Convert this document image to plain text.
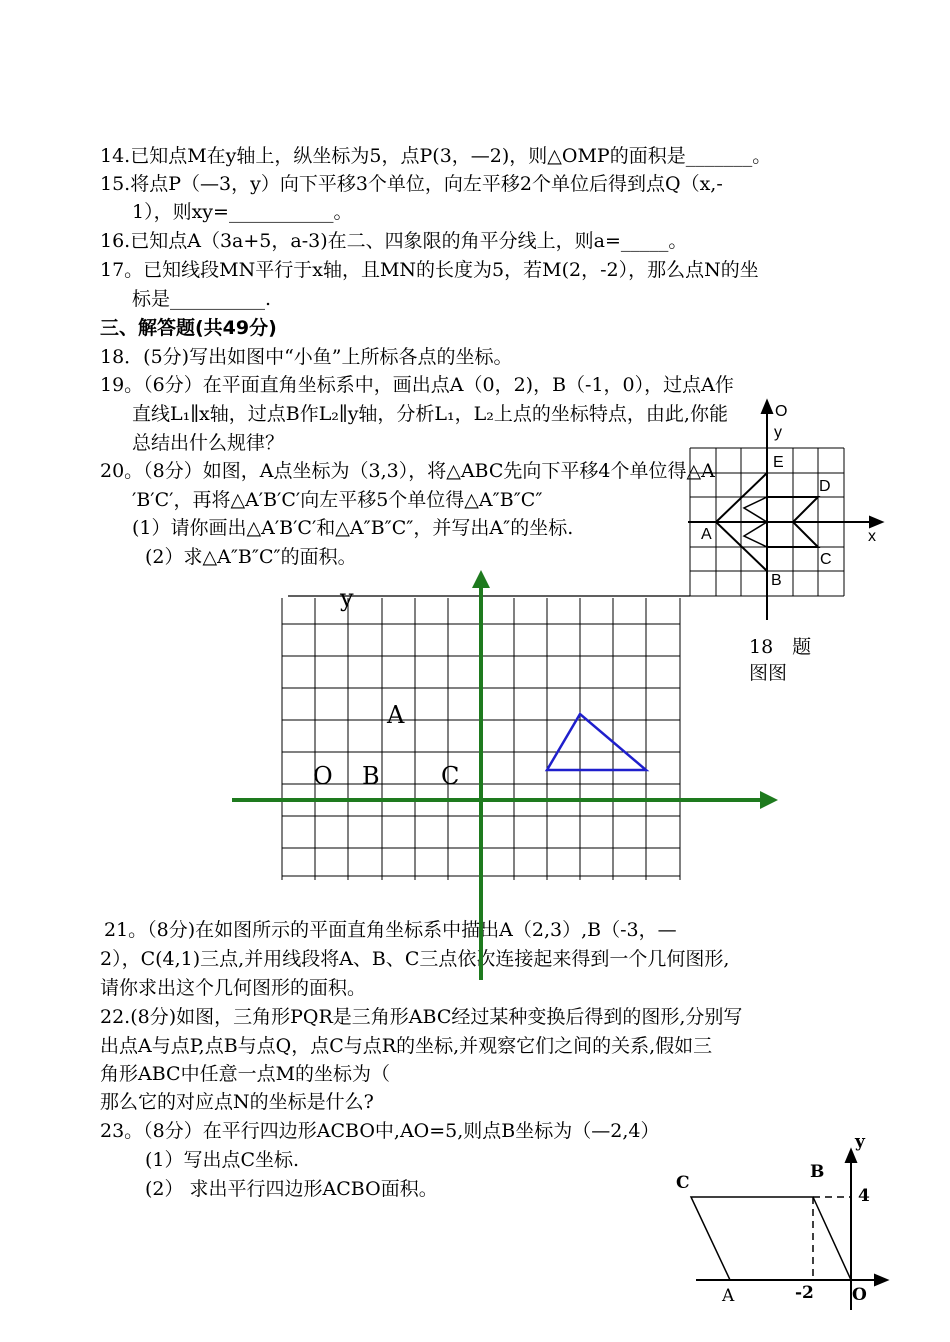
14.已知点M在y轴上，纵坐标为5，点P(3，—2)，则△OMP的面积是_______。
15.将点P（—3，y）向下平移3个单位，向左平移2个单位后得到点Q（x,-
1），则xy=___________。
16.已知点A（3a+5，a-3)在二、四象限的角平分线上，则a=_____。
17。已知线段MN平行于x轴，且MN的长度为5，若M(2，-2），那么点N的坐
标是__________.
三、解答题(共49分)
18．(5分)写出如图中“小鱼”上所标各点的坐标。
19。（6分）在平面直角坐标系中，画出点A（0，2)，B（-1，0），过点A作
直线L₁∥x轴，过点B作L₂∥y轴，分析L₁，L₂上点的坐标特点，由此,你能
总结出什么规律？
20。（8分）如图，A点坐标为（3,3），将△ABC先向下平移4个单位得△A
′B′C′，再将△A′B′C′向左平移5个单位得△A″B″C″
(1）请你画出△A′B′C′和△A″B″C″，并写出A″的坐标.
(2）求△A″B″C″的面积。
21。（8分)在如图所示的平面直角坐标系中描出A（2,3）,B（-3，—
2），C(4,1)三点,并用线段将A、B、C三点依次连接起来得到一个几何图形,
请你求出这个几何图形的面积。
22.(8分)如图，三角形PQR是三角形ABC经过某种变换后得到的图形,分别写
出点A与点P,点B与点Q，点C与点R的坐标,并观察它们之间的关系,假如三
角形ABC中任意一点M的坐标为（
那么它的对应点N的坐标是什么?
23。（8分）在平行四边形ACBO中,AO=5,则点B坐标为（—2,4）
(1）写出点C坐标.
(2） 求出平行四边形ACBO面积。
y
x
O
A
B
C
D
E
18　题
图图
y
A
O B	C
C
B
A	O
y
4
-2
